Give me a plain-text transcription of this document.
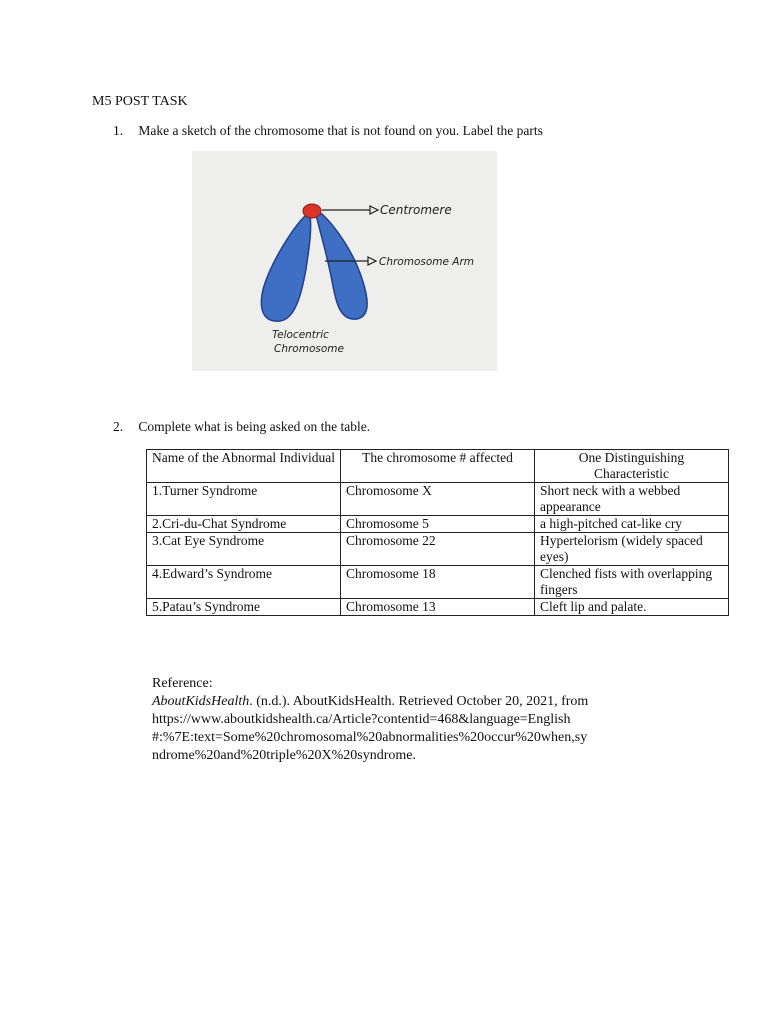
M5 POST TASK
1. Make a sketch of the chromosome that is not found on you. Label the parts
Centromere
Chromosome Arm
Telocentric
Chromosome
2. Complete what is being asked on the table.
Name of the Abnormal Individual	The chromosome # affected	One Distinguishing Characteristic
1.Turner Syndrome	Chromosome X	Short neck with a webbed appearance
2.Cri-du-Chat Syndrome	Chromosome 5	a high-pitched cat-like cry
3.Cat Eye Syndrome	Chromosome 22	Hypertelorism (widely spaced eyes)
4.Edward’s Syndrome	Chromosome 18	Clenched fists with overlapping fingers
5.Patau’s Syndrome	Chromosome 13	Cleft lip and palate.
Reference:
AboutKidsHealth. (n.d.). AboutKidsHealth. Retrieved October 20, 2021, from https://www.aboutkidshealth.ca/Article?contentid=468&language=English#:%7E:text=Some%20chromosomal%20abnormalities%20occur%20when,syndrome%20and%20triple%20X%20syndrome.
